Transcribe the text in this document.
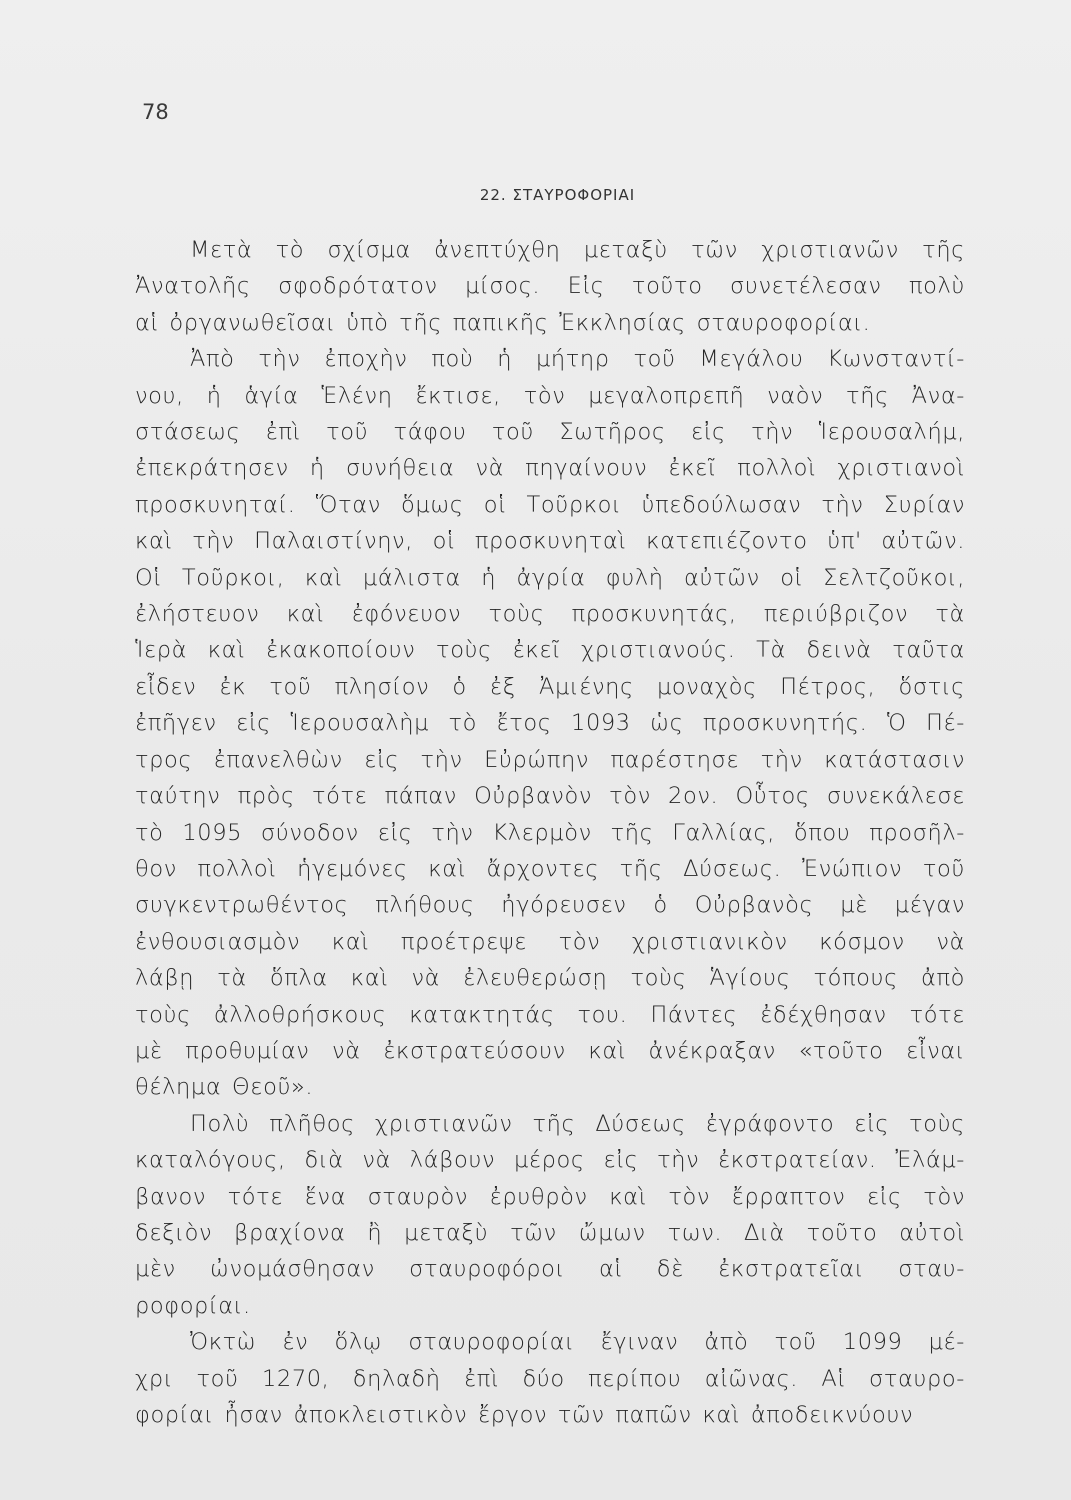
78
22. ΣΤΑΥΡΟΦΟΡΙΑΙ
Μετὰ τὸ σχίσμα ἀνεπτύχθη μεταξὺ τῶν χριστιανῶν τῆς
Ἀνατολῆς σφοδρότατον μίσος. Εἰς τοῦτο συνετέλεσαν πολὺ
αἱ ὀργανωθεῖσαι ὑπὸ τῆς παπικῆς Ἐκκλησίας σταυροφορίαι.
Ἀπὸ τὴν ἐποχὴν ποὺ ἡ μήτηρ τοῦ Μεγάλου Κωνσταντί-
νου, ἡ ἁγία Ἑλένη ἔκτισε, τὸν μεγαλοπρεπῆ ναὸν τῆς Ἀνα-
στάσεως ἐπὶ τοῦ τάφου τοῦ Σωτῆρος εἰς τὴν Ἱερουσαλήμ,
ἐπεκράτησεν ἡ συνήθεια νὰ πηγαίνουν ἐκεῖ πολλοὶ χριστιανοὶ
προσκυνηταί. Ὅταν ὅμως οἱ Τοῦρκοι ὑπεδούλωσαν τὴν Συρίαν
καὶ τὴν Παλαιστίνην, οἱ προσκυνηταὶ κατεπιέζοντο ὑπ' αὐτῶν.
Οἱ Τοῦρκοι, καὶ μάλιστα ἡ ἀγρία φυλὴ αὐτῶν οἱ Σελτζοῦκοι,
ἐλήστευον καὶ ἐφόνευον τοὺς προσκυνητάς, περιύβριζον τὰ
Ἱερὰ καὶ ἐκακοποίουν τοὺς ἐκεῖ χριστιανούς. Τὰ δεινὰ ταῦτα
εἶδεν ἐκ τοῦ πλησίον ὁ ἐξ Ἀμιένης μοναχὸς Πέτρος, ὅστις
ἐπῆγεν εἰς Ἱερουσαλὴμ τὸ ἔτος 1093 ὡς προσκυνητής. Ὁ Πέ-
τρος ἐπανελθὼν εἰς τὴν Εὐρώπην παρέστησε τὴν κατάστασιν
ταύτην πρὸς τότε πάπαν Οὐρβανὸν τὸν 2ον. Οὗτος συνεκάλεσε
τὸ 1095 σύνοδον εἰς τὴν Κλερμὸν τῆς Γαλλίας, ὅπου προσῆλ-
θον πολλοὶ ἡγεμόνες καὶ ἄρχοντες τῆς Δύσεως. Ἐνώπιον τοῦ
συγκεντρωθέντος πλήθους ἠγόρευσεν ὁ Οὐρβανὸς μὲ μέγαν
ἐνθουσιασμὸν καὶ προέτρεψε τὸν χριστιανικὸν κόσμον νὰ
λάβῃ τὰ ὅπλα καὶ νὰ ἐλευθερώσῃ τοὺς Ἁγίους τόπους ἀπὸ
τοὺς ἀλλοθρήσκους κατακτητάς του. Πάντες ἐδέχθησαν τότε
μὲ προθυμίαν νὰ ἐκστρατεύσουν καὶ ἀνέκραξαν «τοῦτο εἶναι
θέλημα Θεοῦ».
Πολὺ πλῆθος χριστιανῶν τῆς Δύσεως ἐγράφοντο εἰς τοὺς
καταλόγους, διὰ νὰ λάβουν μέρος εἰς τὴν ἐκστρατείαν. Ἐλάμ-
βανον τότε ἕνα σταυρὸν ἐρυθρὸν καὶ τὸν ἔρραπτον εἰς τὸν
δεξιὸν βραχίονα ἢ μεταξὺ τῶν ὤμων των. Διὰ τοῦτο αὐτοὶ
μὲν ὠνομάσθησαν σταυροφόροι αἱ δὲ ἐκστρατεῖαι σταυ-
ροφορίαι.
Ὀκτὼ ἐν ὅλῳ σταυροφορίαι ἔγιναν ἀπὸ τοῦ 1099 μέ-
χρι τοῦ 1270, δηλαδὴ ἐπὶ δύο περίπου αἰῶνας. Αἱ σταυρο-
φορίαι ἦσαν ἀποκλειστικὸν ἔργον τῶν παπῶν καὶ ἀποδεικνύουν
